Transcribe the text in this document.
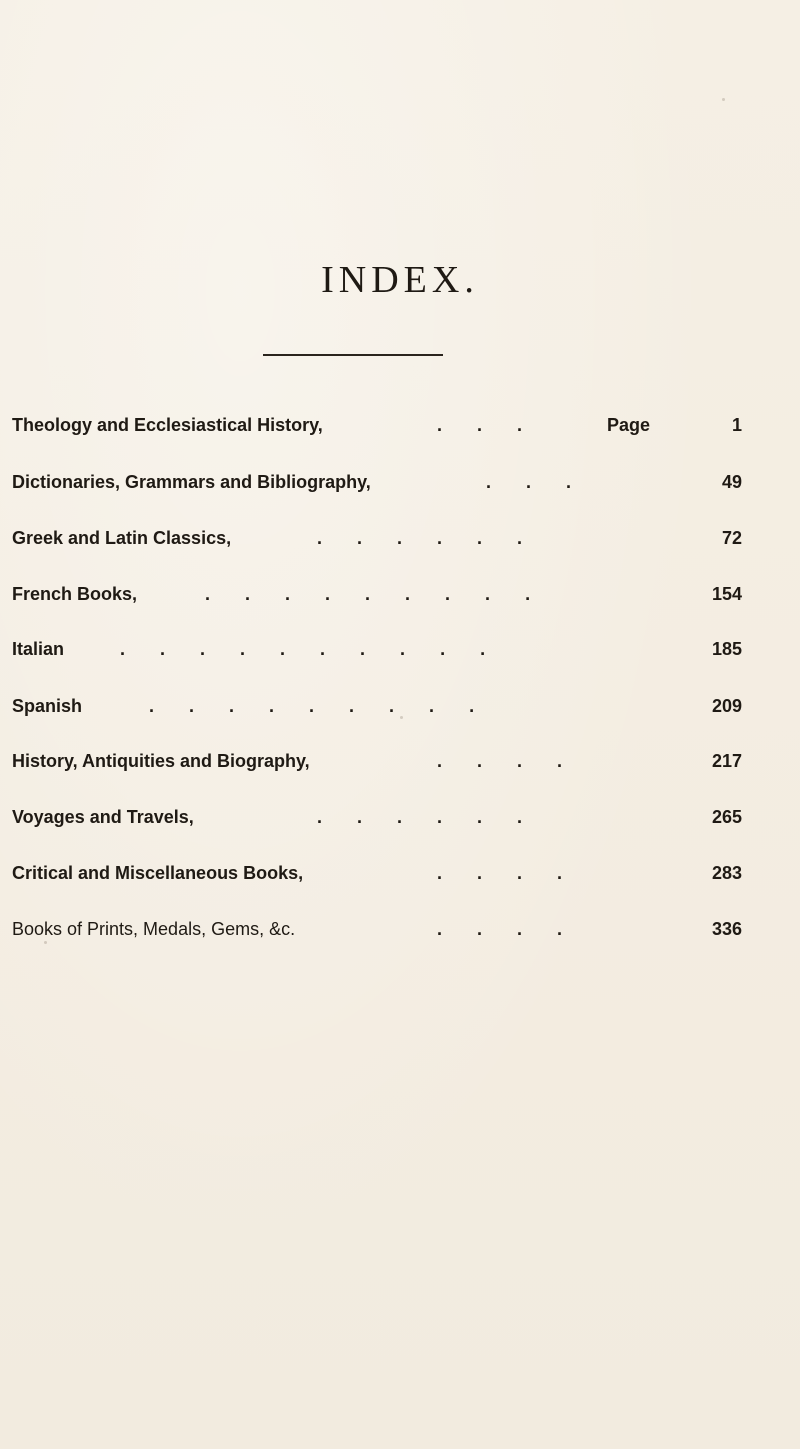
INDEX.
Theology and Ecclesiastical History,	.       .       .	Page	1
Dictionaries, Grammars and Bibliography,	.       .       .	49
Greek and Latin Classics,	.       .       .       .       .       .	72
French Books,	.       .       .       .       .       .       .       .       .	154
Italian	.       .       .       .       .       .       .       .       .       .	185
Spanish	.       .       .       .       .       .       .       .       .	209
History, Antiquities and Biography,	.       .       .       .	217
Voyages and Travels,	.       .       .       .       .       .	265
Critical and Miscellaneous Books,	.       .       .       .	283
Books of Prints, Medals, Gems, &c.	.       .       .       .	336
